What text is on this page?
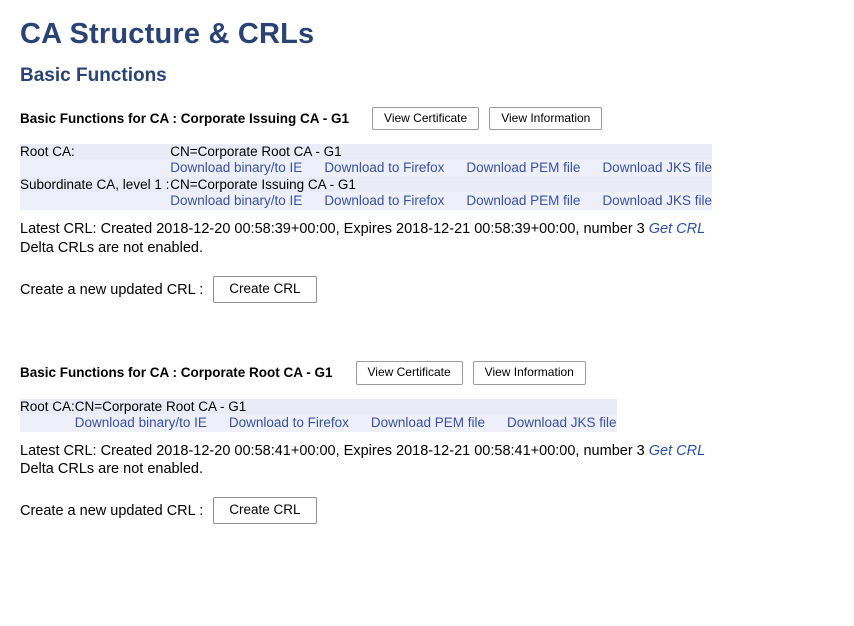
CA Structure & CRLs
Basic Functions
Basic Functions for CA : Corporate Issuing CA - G1	View Certificate	View Information
Root CA:	CN=Corporate Root CA - G1
	Download binary/to IE Download to Firefox Download PEM file Download JKS file
Subordinate CA, level 1 :	CN=Corporate Issuing CA - G1
	Download binary/to IE Download to Firefox Download PEM file Download JKS file

Latest CRL: Created 2018-12-20 00:58:39+00:00, Expires 2018-12-21 00:58:39+00:00, number 3 Get CRL

Delta CRLs are not enabled.

Create a new updated CRL :	Create CRL
Basic Functions for CA : Corporate Root CA - G1	View Certificate	View Information
Root CA:	CN=Corporate Root CA - G1
	Download binary/to IE Download to Firefox Download PEM file Download JKS file

Latest CRL: Created 2018-12-20 00:58:41+00:00, Expires 2018-12-21 00:58:41+00:00, number 3 Get CRL

Delta CRLs are not enabled.

Create a new updated CRL :	Create CRL
